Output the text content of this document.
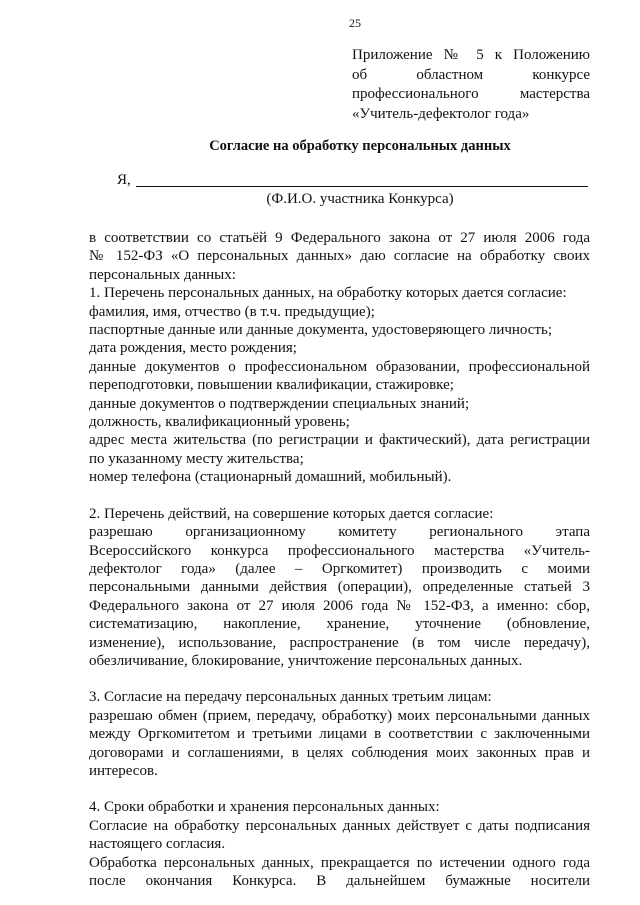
25
Приложение № 5 к Положению
об областном конкурсе
профессионального мастерства
«Учитель-дефектолог года»
Согласие на обработку персональных данных
Я,
(Ф.И.О. участника Конкурса)

в соответствии со статьёй 9 Федерального закона от 27 июля 2006 года

№ 152-ФЗ «О персональных данных» даю согласие на обработку своих

персональных данных:

1. Перечень персональных данных, на обработку которых дается согласие:

фамилия, имя, отчество (в т.ч. предыдущие);

паспортные данные или данные документа, удостоверяющего личность;

дата рождения, место рождения;

данные документов о профессиональном образовании, профессиональной

переподготовки, повышении квалификации, стажировке;

данные документов о подтверждении специальных знаний;

должность, квалификационный уровень;

адрес места жительства (по регистрации и фактический), дата регистрации

по указанному месту жительства;

номер телефона (стационарный домашний, мобильный).

2. Перечень действий, на совершение которых дается согласие:

разрешаю организационному комитету регионального этапа

Всероссийского конкурса профессионального мастерства «Учитель-

дефектолог года» (далее – Оргкомитет) производить с моими

персональными данными действия (операции), определенные статьей 3

Федерального закона от 27 июля 2006 года № 152-ФЗ, а именно: сбор,

систематизацию, накопление, хранение, уточнение (обновление,

изменение), использование, распространение (в том числе передачу),

обезличивание, блокирование, уничтожение персональных данных.

3. Согласие на передачу персональных данных третьим лицам:

разрешаю обмен (прием, передачу, обработку) моих персональными данных

между Оргкомитетом и третьими лицами в соответствии с заключенными

договорами и соглашениями, в целях соблюдения моих законных прав и

интересов.

4. Сроки обработки и хранения персональных данных:

Согласие на обработку персональных данных действует с даты подписания

настоящего согласия.

Обработка персональных данных, прекращается по истечении одного года

после окончания Конкурса. В дальнейшем бумажные носители
